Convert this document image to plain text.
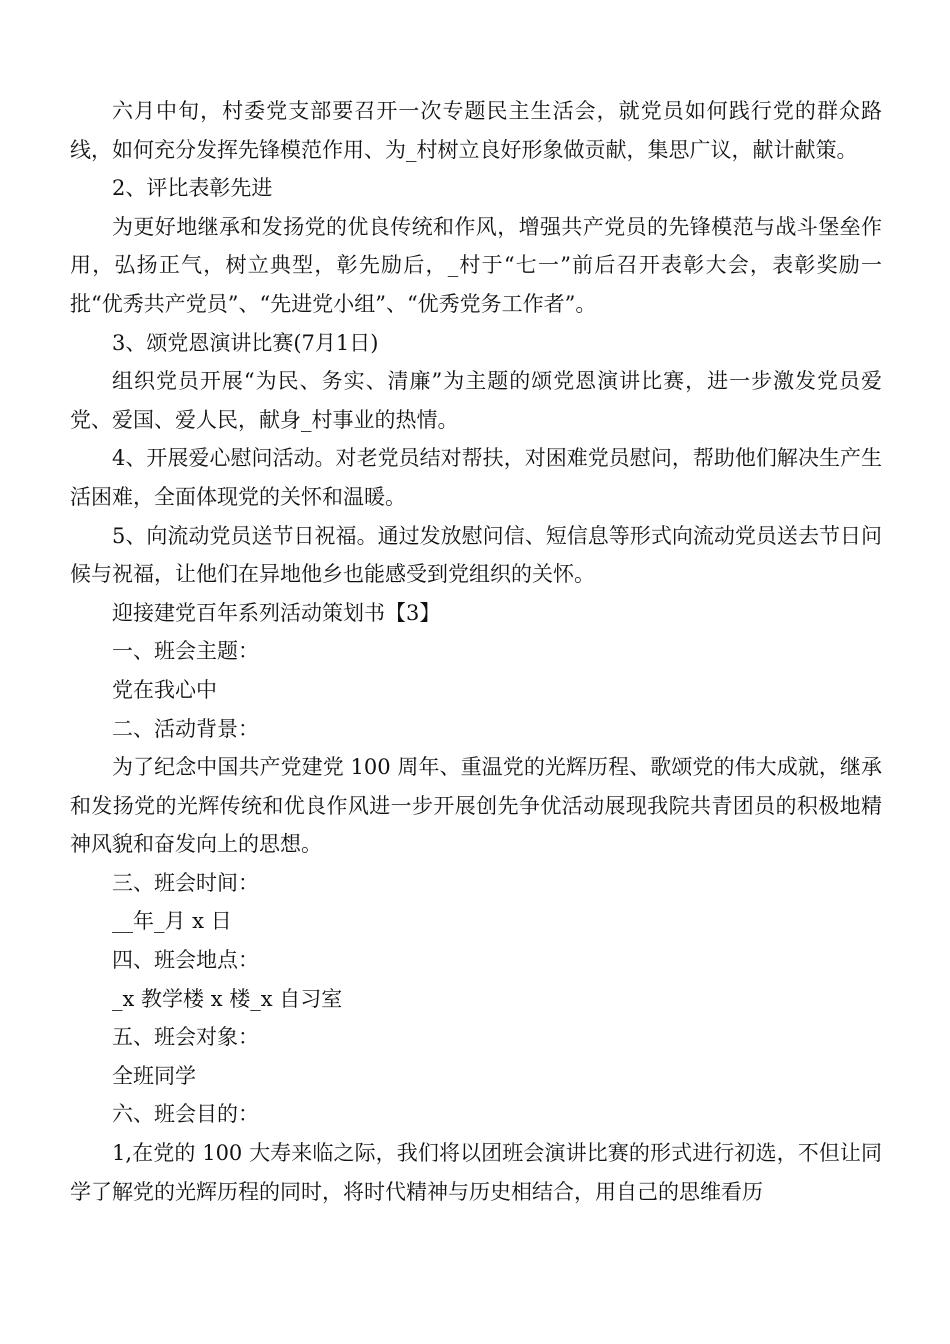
六月中旬，村委党支部要召开一次专题民主生活会，就党员如何践行党的群众路线，如何充分发挥先锋模范作用、为_村树立良好形象做贡献，集思广议，献计献策。

2、评比表彰先进

为更好地继承和发扬党的优良传统和作风，增强共产党员的先锋模范与战斗堡垒作用，弘扬正气，树立典型，彰先励后，_村于“七一”前后召开表彰大会，表彰奖励一批“优秀共产党员”、“先进党小组”、“优秀党务工作者”。

3、颂党恩演讲比赛(7月1日)

组织党员开展“为民、务实、清廉”为主题的颂党恩演讲比赛，进一步激发党员爱党、爱国、爱人民，献身_村事业的热情。

4、开展爱心慰问活动。对老党员结对帮扶，对困难党员慰问，帮助他们解决生产生活困难，全面体现党的关怀和温暖。

5、向流动党员送节日祝福。通过发放慰问信、短信息等形式向流动党员送去节日问候与祝福，让他们在异地他乡也能感受到党组织的关怀。

迎接建党百年系列活动策划书【3】

一、班会主题：

党在我心中

二、活动背景：

为了纪念中国共产党建党 100 周年、重温党的光辉历程、歌颂党的伟大成就，继承和发扬党的光辉传统和优良作风进一步开展创先争优活动展现我院共青团员的积极地精神风貌和奋发向上的思想。

三、班会时间：

__年_月 x 日

四、班会地点：

_x 教学楼 x 楼_x 自习室

五、班会对象：

全班同学

六、班会目的：

1,在党的 100 大寿来临之际，我们将以团班会演讲比赛的形式进行初选，不但让同学了解党的光辉历程的同时，将时代精神与历史相结合，用自己的思维看历
